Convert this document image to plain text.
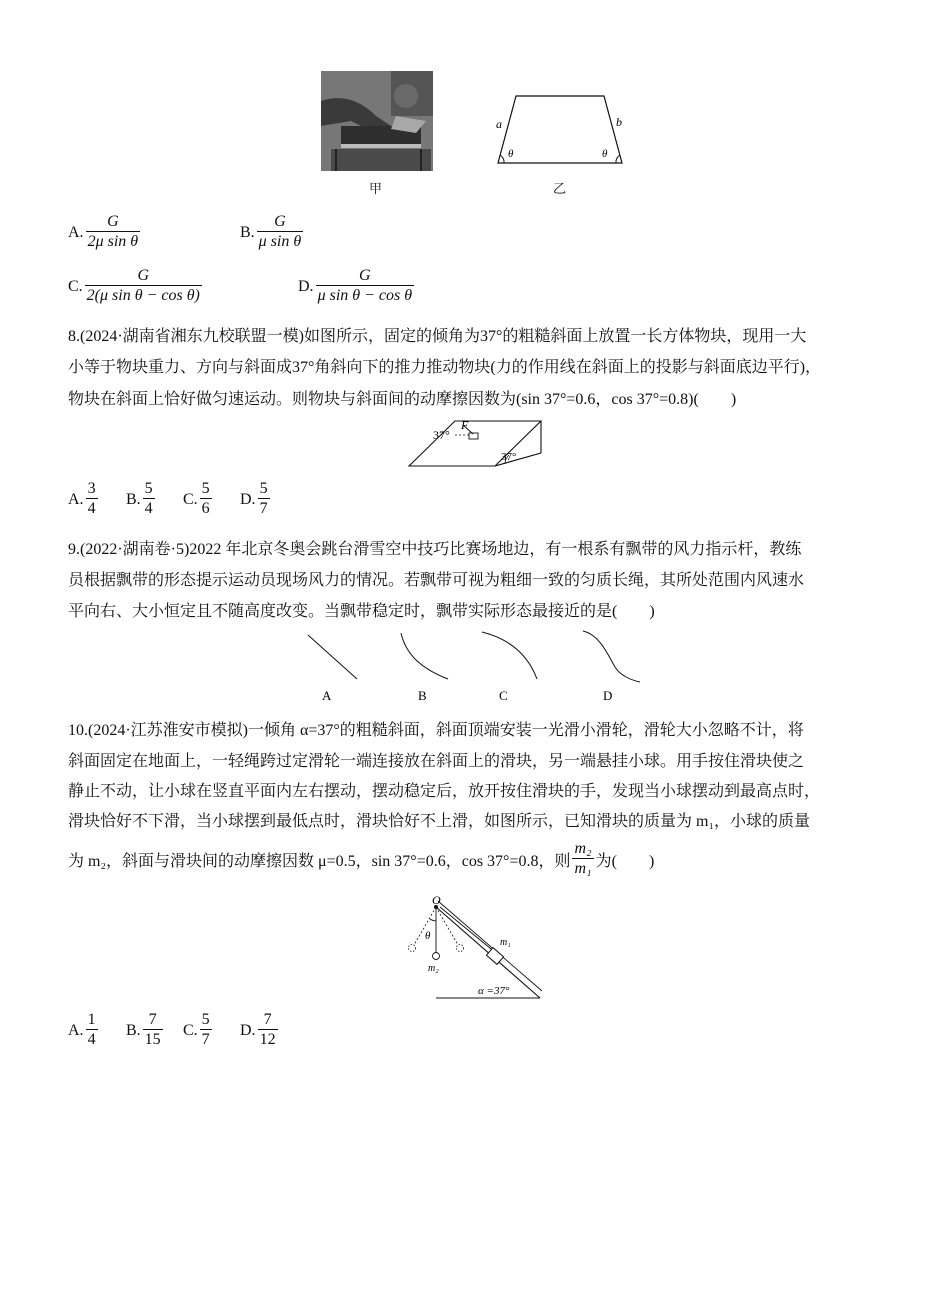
甲
a	b
θ	θ
乙
A. $\frac{G}{\text{2μ sin θ}}$	B. $\frac{G}{\text{μ sin θ}}$
C. $\frac{G}{\text{2(μ sin θ − cos θ)}}$	D. $\frac{G}{\text{μ sin θ − cos θ}}$
8.(2024·湖南省湘东九校联盟一模)如图所示，固定的倾角为37°的粗糙斜面上放置一长方体物块，现用一大
小等于物块重力、方向与斜面成37°角斜向下的推力推动物块(力的作用线在斜面上的投影与斜面底边平行)，
物块在斜面上恰好做匀速运动。则物块与斜面间的动摩擦因数为(sin 37°=0.6，cos 37°=0.8)(　　)
37°
F
37°
A. $\frac{3}{4} B$. $\frac{5}{4} C$. $\frac{5}{6} D$. $\frac{5}{7}$
9.(2022·湖南卷·5)2022 年北京冬奥会跳台滑雪空中技巧比赛场地边，有一根系有飘带的风力指示杆，教练
员根据飘带的形态提示运动员现场风力的情况。若飘带可视为粗细一致的匀质长绳，其所处范围内风速水
平向右、大小恒定且不随高度改变。当飘带稳定时，飘带实际形态最接近的是(　　)
A	B	C	D
10.(2024·江苏淮安市模拟)一倾角 α=37°的粗糙斜面，斜面顶端安装一光滑小滑轮，滑轮大小忽略不计，将
斜面固定在地面上，一轻绳跨过定滑轮一端连接放在斜面上的滑块，另一端悬挂小球。用手按住滑块使之
静止不动，让小球在竖直平面内左右摆动，摆动稳定后，放开按住滑块的手，发现当小球摆动到最高点时，
滑块恰好不下滑，当小球摆到最低点时，滑块恰好不上滑，如图所示，已知滑块的质量为 m₁，小球的质量
为 m₂，斜面与滑块间的动摩擦因数 μ=0.5，sin 37°=0.6，cos 37°=0.8，则 $\frac{\text{m₂}}{\text{m₁}}$ 为(　　)
O
θ
m₁
m₂
α =37°
A. $\frac{1}{4} B$. $\frac{7}{15} C$. $\frac{5}{7} D$. $\frac{7}{12}$
